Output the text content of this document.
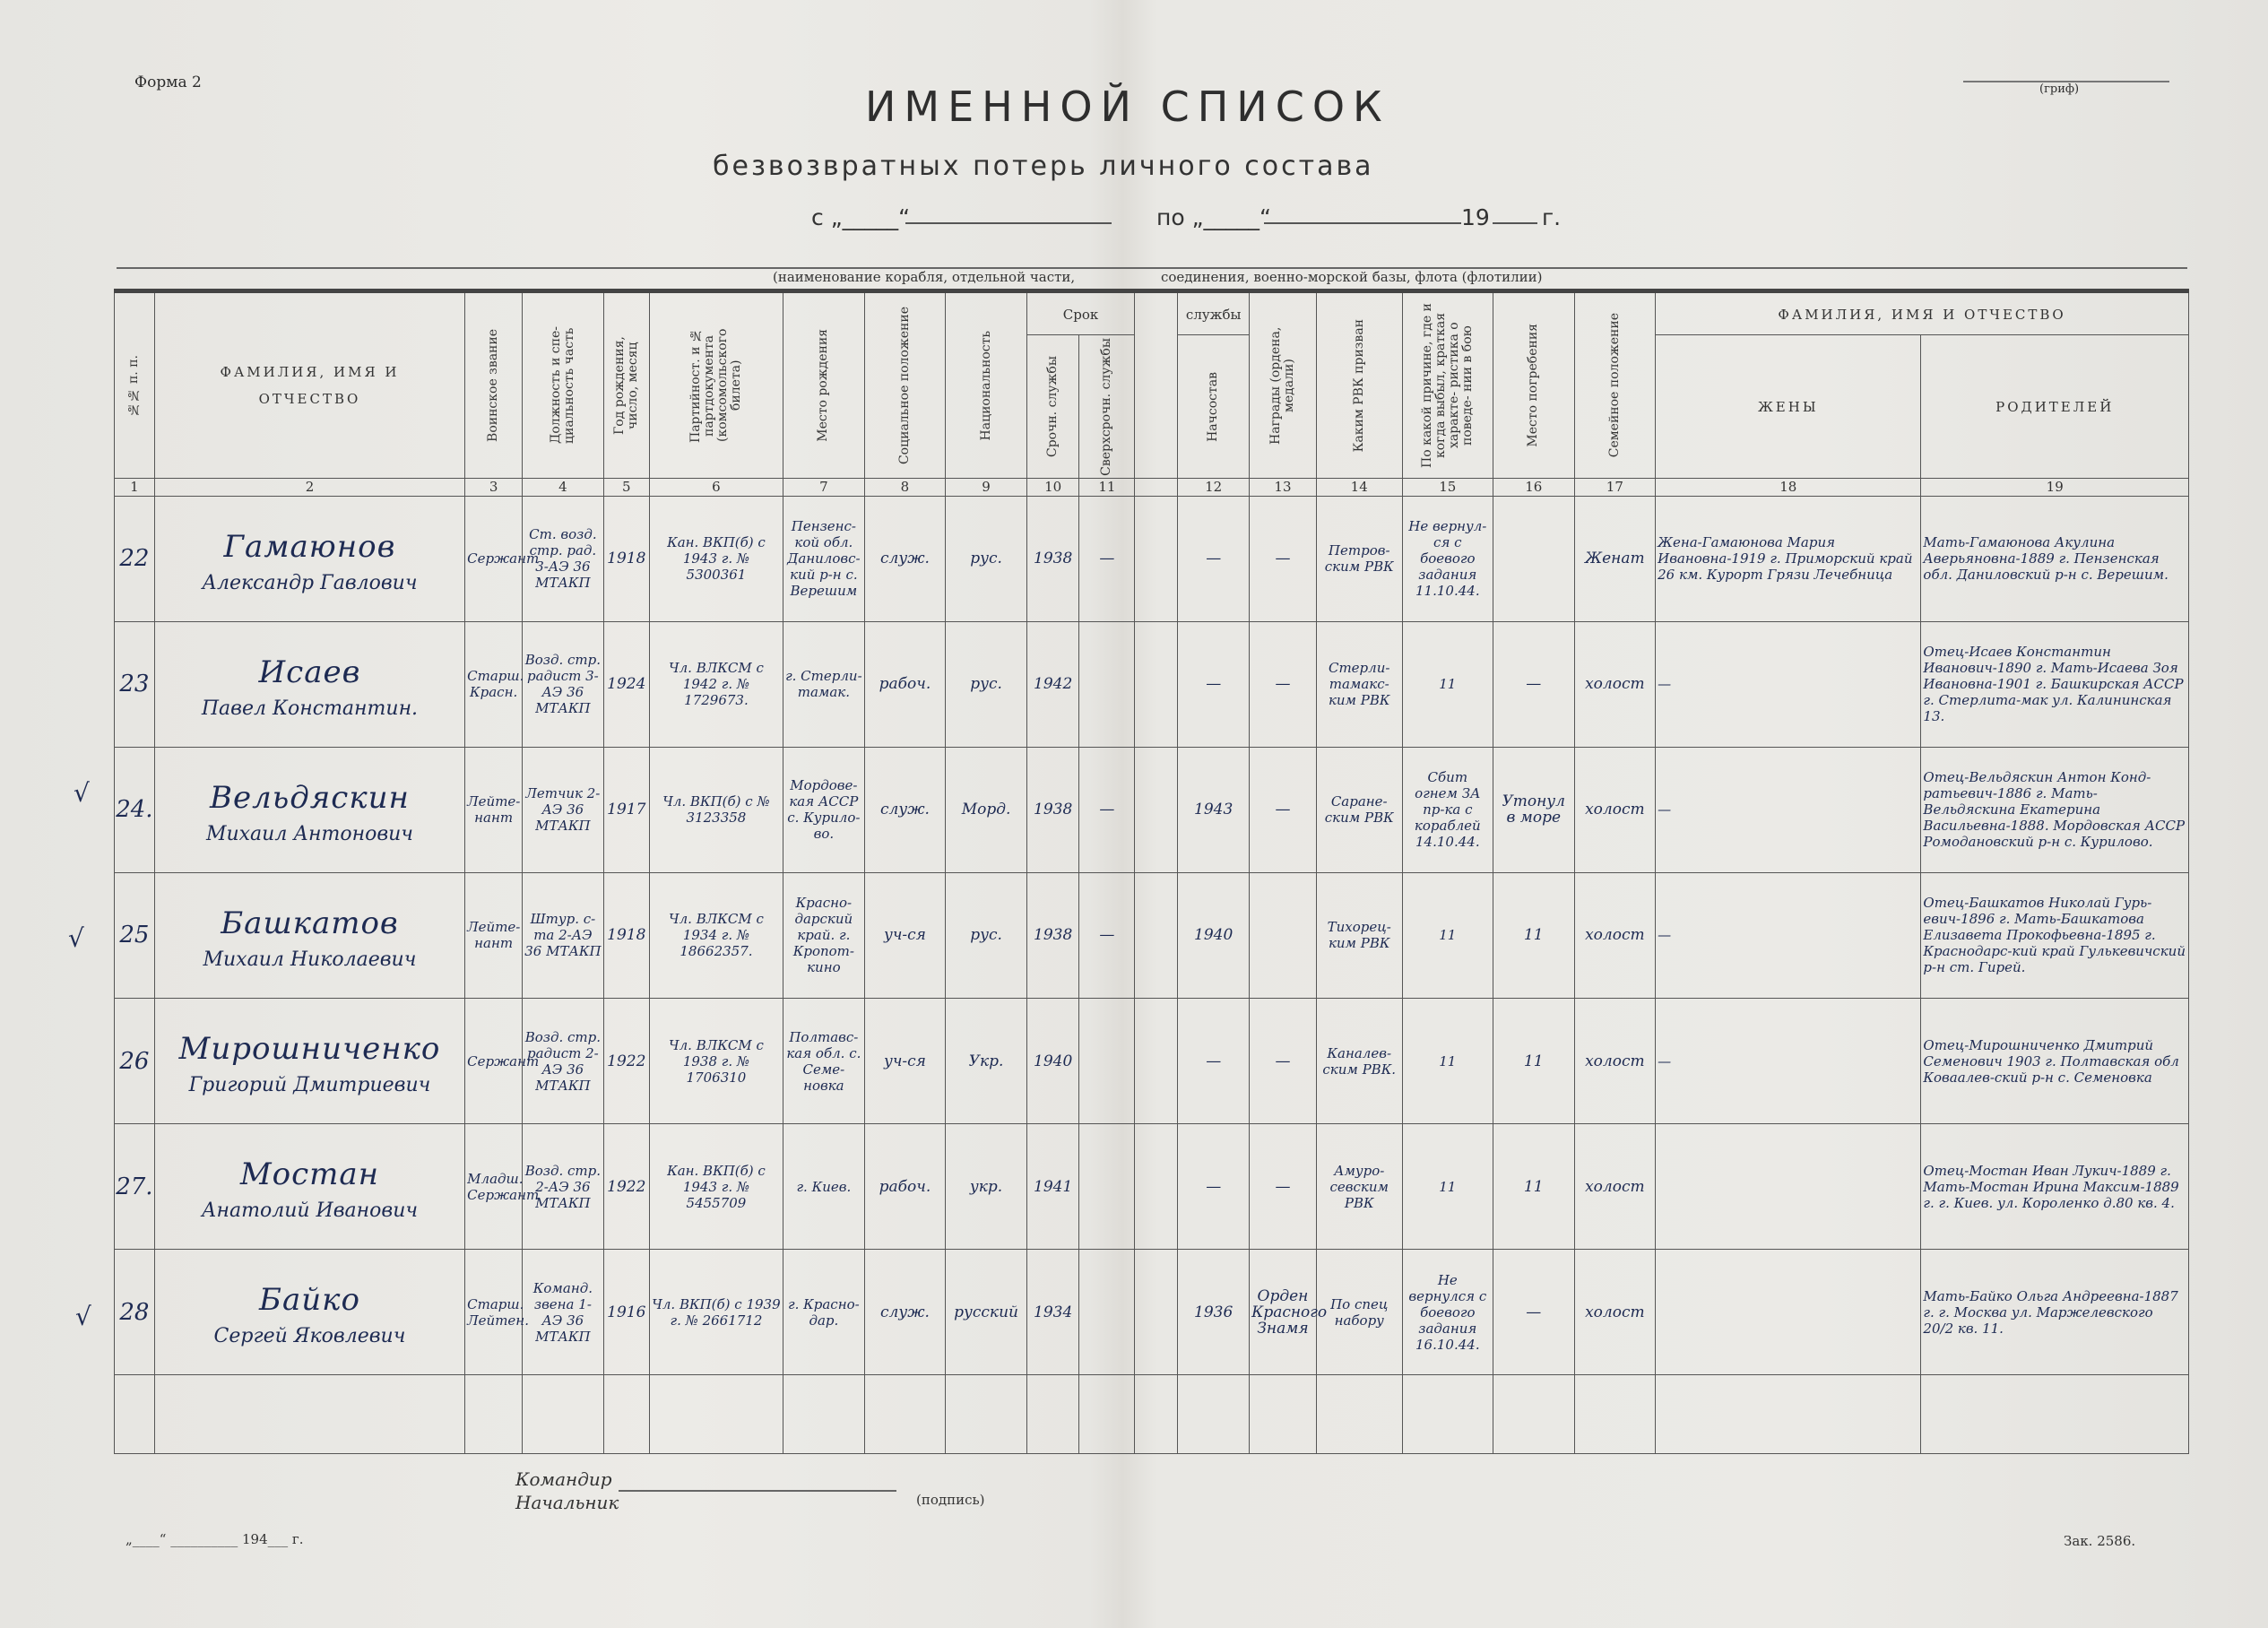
Форма 2	(гриф)
ИМЕННОЙ СПИСОК
безвозвратных потерь личного состава
с „_____“	по „_____“	19 г.
(наименование корабля, отдельной части,	соединения, военно-морской базы, флота (флотилии)
№№ п. п.	ФАМИЛИЯ, ИМЯ И ОТЧЕСТВО	Воинское звание	Должность и спе- циальность часть	Год рождения, число, месяц	Партийност. и № партдокумента (комсомольского билета)	Место рождения	Социальное положение	Национальность	Срок			службы	Награды (ордена, медали)	Каким РВК призван	По какой причине, где и когда выбыл, краткая характе- ристика о поведе- нии в бою	Место погребения	Семейное положение	ФАМИЛИЯ, ИМЯ И ОТЧЕСТВО	

									Срочн. службы	Сверхсрочн. службы		Начсостав						ЖЕНЫ	РОДИТЕЛЕЙ
1	2	3	4	5	6	7	8	9	10	11		12	13	14	15	16	17	18	19

22	Гамаюнов
Александр Гавлович	Сержант	Ст. возд. стр. рад. 3-АЭ 36 МТАКП	1918	Кан. ВКП(б) с 1943 г. № 5300361	Пензенс-кой обл. Даниловс-кий р-н с. Верешим	служ.	рус.	1938	—		—	—	Петров-ским РВК	Не вернул-ся с боевого задания 11.10.44.		Женат	Жена-Гамаюнова Мария Ивановна-1919 г. Приморский край 26 км. Курорт Грязи Лечебница	Мать-Гамаюнова Акулина Аверьяновна-1889 г. Пензенская обл. Даниловский р-н с. Верешим.

23	Исаев
Павел Константин.	Старш. Красн.	Возд. стр. радист 3-АЭ 36 МТАКП	1924	Чл. ВЛКСМ с 1942 г. № 1729673.	г. Стерли-тамак.	рабоч.	рус.	1942			—	—	Стерли-тамакс-ким РВК	11	—	холост	—	Отец-Исаев Константин Иванович-1890 г. Мать-Исаева Зоя Ивановна-1901 г. Башкирская АССР г. Стерлита-мак ул. Калининская 13.

24.	Вельдяскин
Михаил Антонович	Лейте-нант	Летчик 2-АЭ 36 МТАКП	1917	Чл. ВКП(б) с № 3123358	Мордове-кая АССР с. Курило-во.	служ.	Морд.	1938	—		1943	—	Саране-ским РВК	Сбит огнем ЗА пр-ка с кораблей 14.10.44.	Утонул в море	холост	—	Отец-Вельдяскин Антон Конд-ратьевич-1886 г. Мать-Вельдяскина Екатерина Васильевна-1888. Мордовская АССР Ромодановский р-н с. Курилово.

25	Башкатов
Михаил Николаевич	Лейте-нант	Штур. с-та 2-АЭ 36 МТАКП	1918	Чл. ВЛКСМ с 1934 г. № 18662357.	Красно-дарский край. г. Кропот-кино	уч-ся	рус.	1938	—		1940		Тихорец-ким РВК	11	11	холост	—	Отец-Башкатов Николай Гурь-евич-1896 г. Мать-Башкатова Елизавета Прокофьевна-1895 г. Краснодарс-кий край Гулькевичский р-н ст. Гирей.

26	Мирошниченко
Григорий Дмитриевич	Сержант	Возд. стр. радист 2-АЭ 36 МТАКП	1922	Чл. ВЛКСМ с 1938 г. № 1706310	Полтавс-кая обл. с. Семе-новка	уч-ся	Укр.	1940			—	—	Каналев-ским РВК.	11	11	холост	—	Отец-Мирошниченко Дмитрий Семенович 1903 г. Полтавская обл Коваалев-ский р-н с. Семеновка

27.	Мостан
Анатолий Иванович	Младш. Сержант	Возд. стр. 2-АЭ 36 МТАКП	1922	Кан. ВКП(б) с 1943 г. № 5455709	г. Киев.	рабоч.	укр.	1941			—	—	Амуро-севским РВК	11	11	холост		Отец-Мостан Иван Лукич-1889 г. Мать-Мостан Ирина Максим-1889 г. г. Киев. ул. Короленко д.80 кв. 4.

28	Байко
Сергей Яковлевич	Старш. Лейтен.	Команд. звена 1-АЭ 36 МТАКП	1916	Чл. ВКП(б) с 1939 г. № 2661712	г. Красно-дар.	служ.	русский	1934			1936	Орден Красного Знамя	По спец набору	Не вернулся с боевого задания 16.10.44.	—	холост		Мать-Байко Ольга Андреевна-1887 г. г. Москва ул. Маржелевского 20/2 кв. 11.

√
√
√
Командир
Начальник	(подпись)
„____“ __________ 194___ г.	Зак. 2586.
